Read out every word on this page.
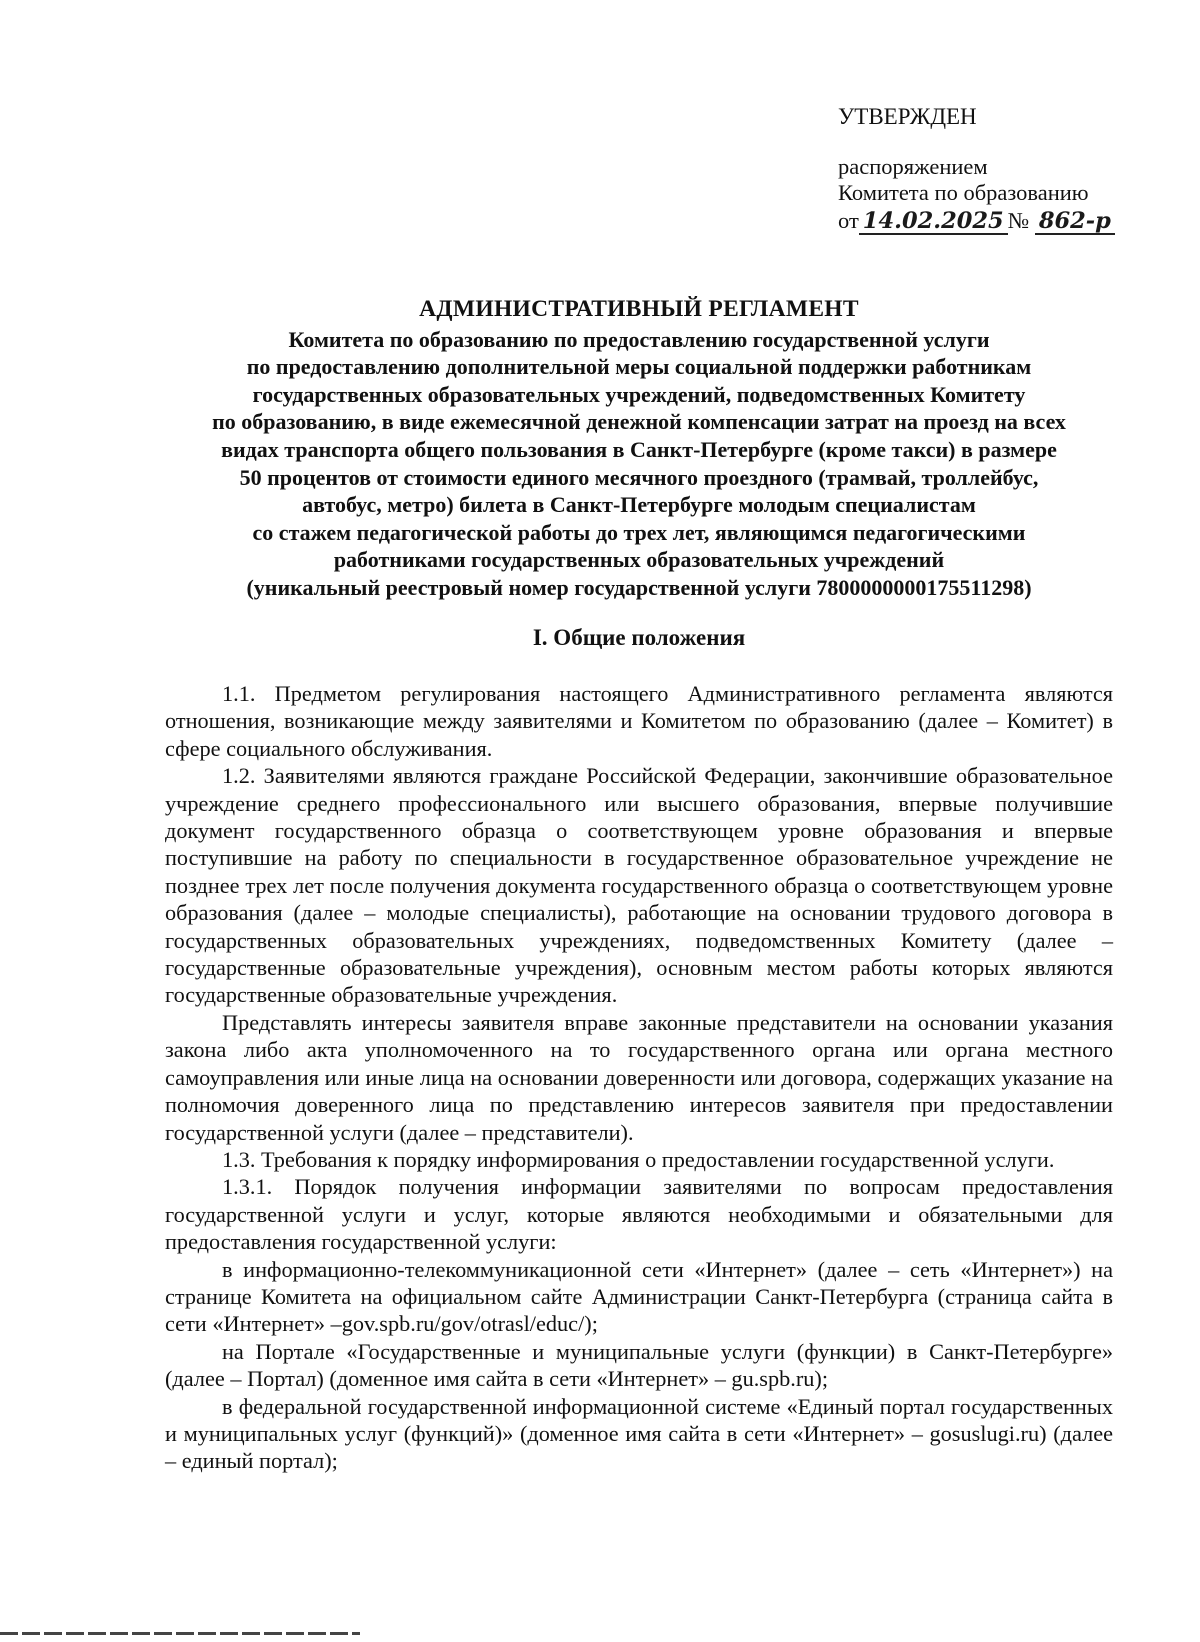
УТВЕРЖДЕН
распоряжением
Комитета по образованию
от 14.02.2025 № 862-р
АДМИНИСТРАТИВНЫЙ РЕГЛАМЕНТ
Комитета по образованию по предоставлению государственной услуги
по предоставлению дополнительной меры социальной поддержки работникам
государственных образовательных учреждений, подведомственных Комитету
по образованию, в виде ежемесячной денежной компенсации затрат на проезд на всех
видах транспорта общего пользования в Санкт-Петербурге (кроме такси) в размере
50 процентов от стоимости единого месячного проездного (трамвай, троллейбус,
автобус, метро) билета в Санкт-Петербурге молодым специалистам
со стажем педагогической работы до трех лет, являющимся педагогическими
работниками государственных образовательных учреждений
(уникальный реестровый номер государственной услуги 7800000000175511298)
I. Общие положения

1.1. Предметом регулирования настоящего Административного регламента являются отношения, возникающие между заявителями и Комитетом по образованию (далее – Комитет) в сфере социального обслуживания.

1.2. Заявителями являются граждане Российской Федерации, закончившие образовательное учреждение среднего профессионального или высшего образования, впервые получившие документ государственного образца о соответствующем уровне образования и впервые поступившие на работу по специальности в государственное образовательное учреждение не позднее трех лет после получения документа государственного образца о соответствующем уровне образования (далее – молодые специалисты), работающие на основании трудового договора в государственных образовательных учреждениях, подведомственных Комитету (далее – государственные образовательные учреждения), основным местом работы которых являются государственные образовательные учреждения.

Представлять интересы заявителя вправе законные представители на основании указания закона либо акта уполномоченного на то государственного органа или органа местного самоуправления или иные лица на основании доверенности или договора, содержащих указание на полномочия доверенного лица по представлению интересов заявителя при предоставлении государственной услуги (далее – представители).

1.3. Требования к порядку информирования о предоставлении государственной услуги.

1.3.1. Порядок получения информации заявителями по вопросам предоставления государственной услуги и услуг, которые являются необходимыми и обязательными для предоставления государственной услуги:

в информационно-телекоммуникационной сети «Интернет» (далее – сеть «Интернет») на странице Комитета на официальном сайте Администрации Санкт-Петербурга (страница сайта в сети «Интернет» –gov.spb.ru/gov/otrasl/educ/);

на Портале «Государственные и муниципальные услуги (функции) в Санкт-Петербурге» (далее – Портал) (доменное имя сайта в сети «Интернет» – gu.spb.ru);

в федеральной государственной информационной системе «Единый портал государственных и муниципальных услуг (функций)» (доменное имя сайта в сети «Интернет» – gosuslugi.ru) (далее – единый портал);
